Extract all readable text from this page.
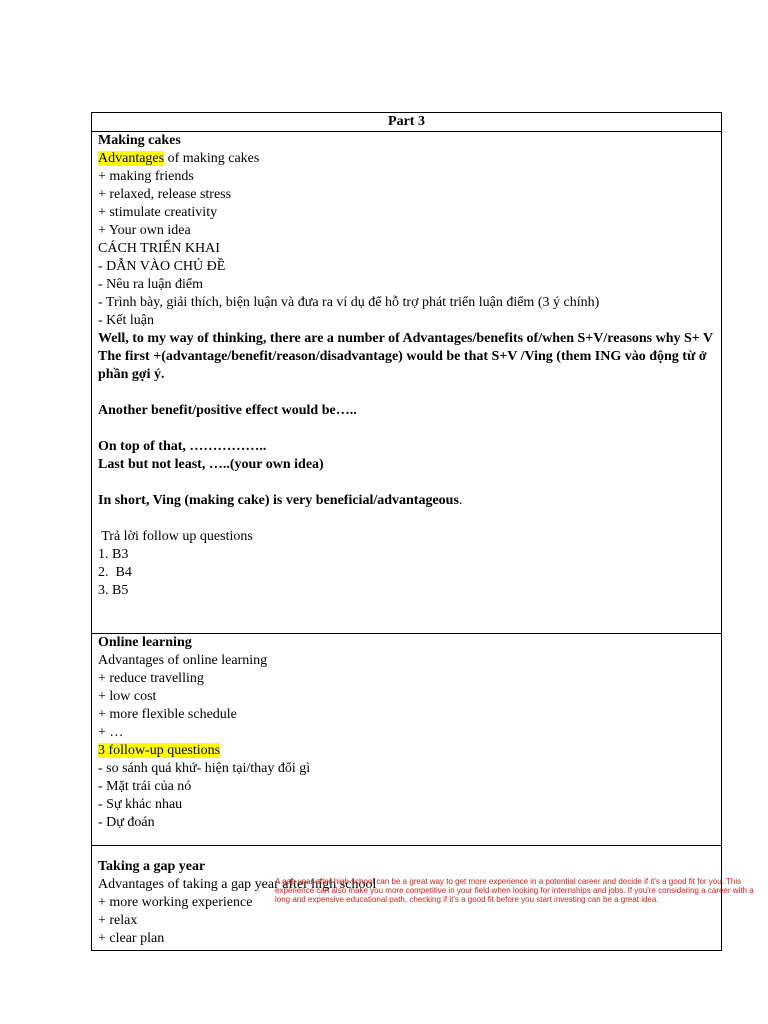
Part 3
Making cakes
Advantages of making cakes
+ making friends
+ relaxed, release stress
+ stimulate creativity
+ Your own idea
CÁCH TRIỂN KHAI
- DẪN VÀO CHỦ ĐỀ
- Nêu ra luận điểm
- Trình bày, giải thích, biện luận và đưa ra ví dụ để hỗ trợ phát triển luận điểm (3 ý chính)
- Kết luận
Well, to my way of thinking, there are a number of Advantages/benefits of/when S+V/reasons why S+ V
The first +(advantage/benefit/reason/disadvantage) would be that S+V /Ving (them ING vào động từ ở phần gợi ý.
Another benefit/positive effect would be…..
On top of that, ……………..
Last but not least, …..(your own idea)
In short, Ving (making cake) is very beneficial/advantageous.
Trả lời follow up questions
1. B3
2.  B4
3. B5
Online learning
Advantages of online learning
+ reduce travelling
+ low cost
+ more flexible schedule
+ …
3 follow-up questions
- so sánh quá khứ- hiện tại/thay đổi gì
- Mặt trái của nó
- Sự khác nhau
- Dự đoán
Taking a gap year
Advantages of taking a gap year after high school
+ more working experience
+ relax
+ clear plan
A gap year after high school can be a great way to get more experience in a potential career and decide if it's a good fit for you. This experience can also make you more competitive in your field when looking for internships and jobs. If you're considering a career with a long and expensive educational path, checking if it's a good fit before you start investing can be a great idea.
